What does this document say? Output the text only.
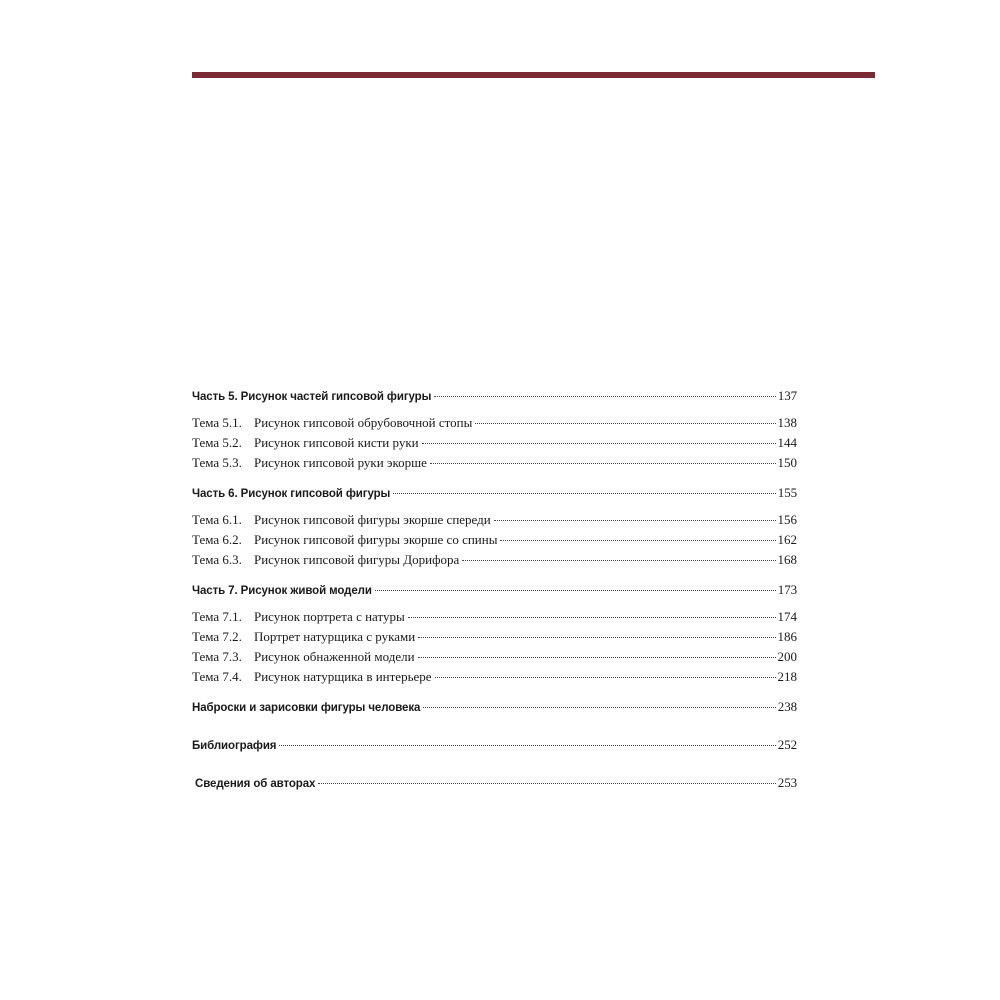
Часть 5. Рисунок частей гипсовой фигуры	137
Тема 5.1. Рисунок гипсовой обрубовочной стопы	138
Тема 5.2. Рисунок гипсовой кисти руки	144
Тема 5.3. Рисунок гипсовой руки экорше	150
Часть 6. Рисунок гипсовой фигуры	155
Тема 6.1. Рисунок гипсовой фигуры экорше спереди	156
Тема 6.2. Рисунок гипсовой фигуры экорше со спины	162
Тема 6.3. Рисунок гипсовой фигуры Дорифора	168
Часть 7. Рисунок живой модели	173
Тема 7.1. Рисунок портрета с натуры	174
Тема 7.2. Портрет натурщика с руками	186
Тема 7.3. Рисунок обнаженной модели	200
Тема 7.4. Рисунок натурщика в интерьере	218
Наброски и зарисовки фигуры человека	238
Библиография	252
Сведения об авторах	253
